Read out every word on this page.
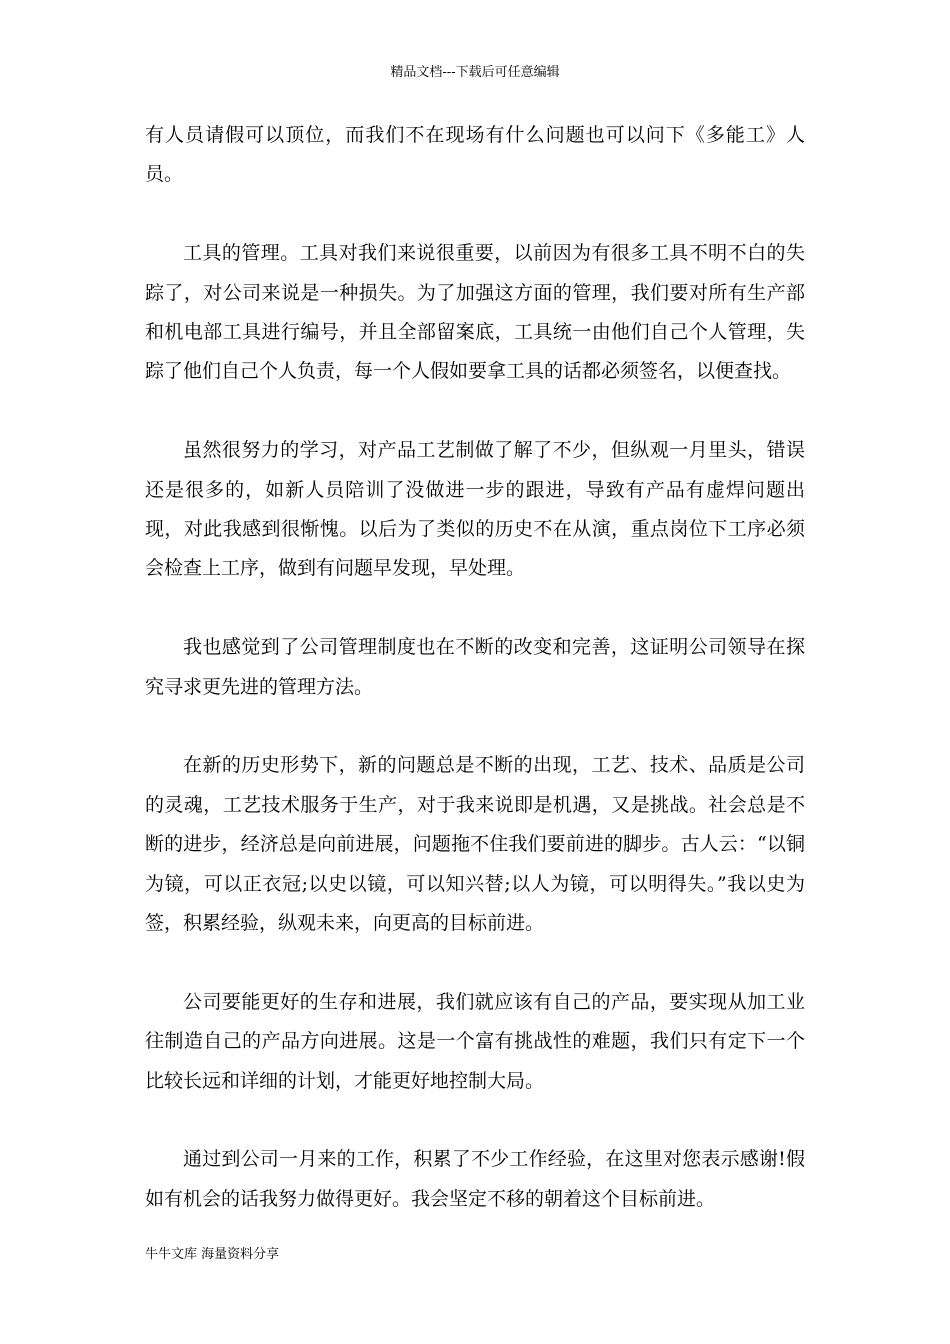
精品文档---下载后可任意编辑

有人员请假可以顶位，而我们不在现场有什么问题也可以问下《多能工》人员。

工具的管理。工具对我们来说很重要，以前因为有很多工具不明不白的失踪了，对公司来说是一种损失。为了加强这方面的管理，我们要对所有生产部和机电部工具进行编号，并且全部留案底，工具统一由他们自己个人管理，失踪了他们自己个人负责，每一个人假如要拿工具的话都必须签名，以便查找。

虽然很努力的学习，对产品工艺制做了解了不少，但纵观一月里头，错误还是很多的，如新人员陪训了没做进一步的跟进，导致有产品有虚焊问题出现，对此我感到很惭愧。以后为了类似的历史不在从演，重点岗位下工序必须会检查上工序，做到有问题早发现，早处理。

我也感觉到了公司管理制度也在不断的改变和完善，这证明公司领导在探究寻求更先进的管理方法。

在新的历史形势下，新的问题总是不断的出现，工艺、技术、品质是公司的灵魂，工艺技术服务于生产，对于我来说即是机遇，又是挑战。社会总是不断的进步，经济总是向前进展，问题拖不住我们要前进的脚步。古人云：“以铜为镜，可以正衣冠;以史以镜，可以知兴替;以人为镜，可以明得失。”我以史为签，积累经验，纵观未来，向更高的目标前进。

公司要能更好的生存和进展，我们就应该有自己的产品，要实现从加工业往制造自己的产品方向进展。这是一个富有挑战性的难题，我们只有定下一个比较长远和详细的计划，才能更好地控制大局。

通过到公司一月来的工作，积累了不少工作经验，在这里对您表示感谢!假如有机会的话我努力做得更好。我会坚定不移的朝着这个目标前进。

牛牛文库 海量资料分享
